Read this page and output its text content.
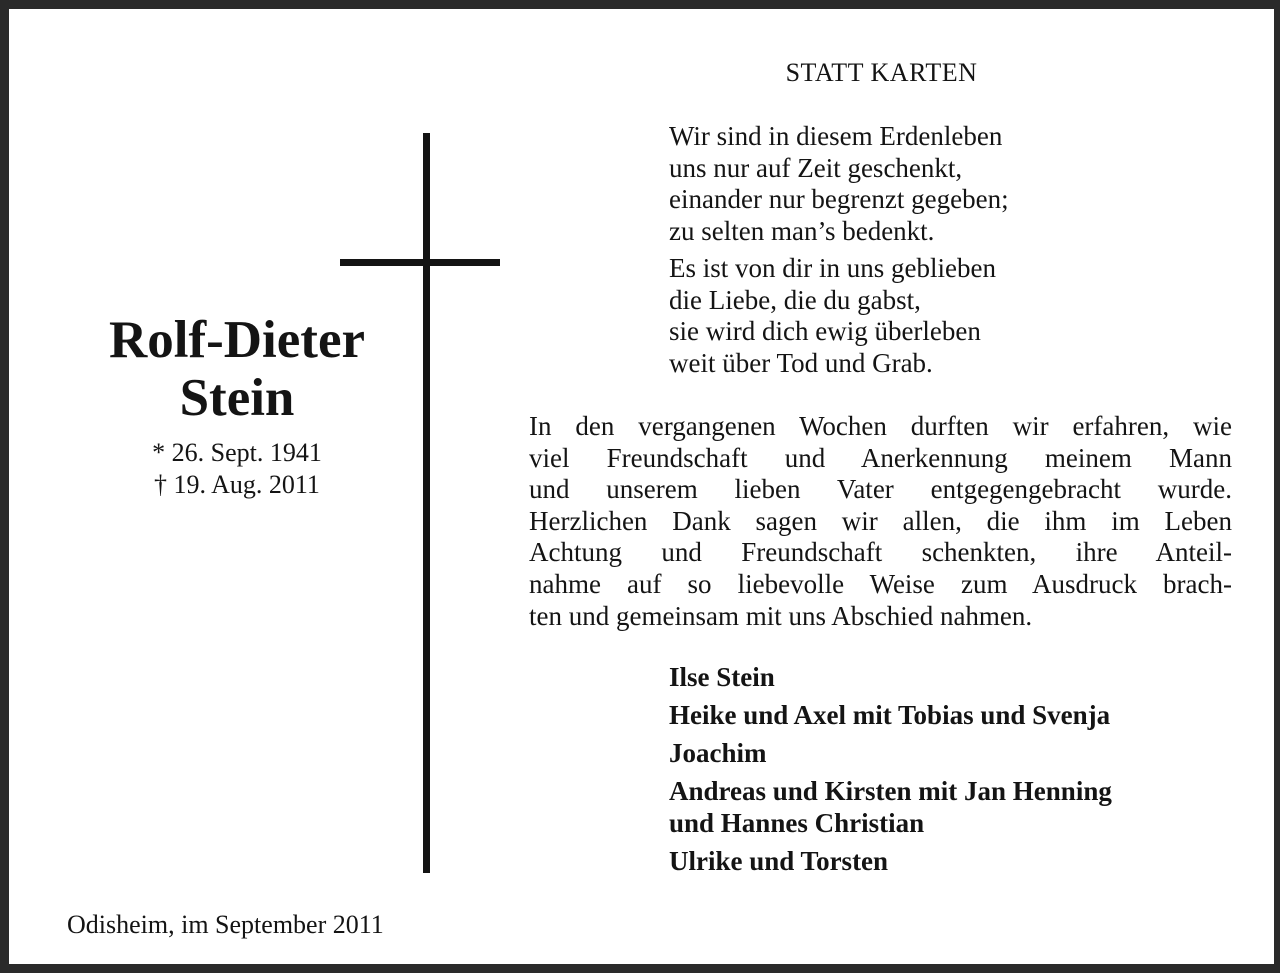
STATT KARTEN
Rolf-Dieter
Stein
* 26. Sept. 1941
† 19. Aug. 2011
Wir sind in diesem Erdenleben
uns nur auf Zeit geschenkt,
einander nur begrenzt gegeben;
zu selten man’s bedenkt.
Es ist von dir in uns geblieben
die Liebe, die du gabst,
sie wird dich ewig überleben
weit über Tod und Grab.
In den vergangenen Wochen durften wir erfahren, wie
viel Freundschaft und Anerkennung meinem Mann
und unserem lieben Vater entgegengebracht wurde.
Herzlichen Dank sagen wir allen, die ihm im Leben
Achtung und Freundschaft schenkten, ihre Anteil-
nahme auf so liebevolle Weise zum Ausdruck brach-
ten und gemeinsam mit uns Abschied nahmen.
Ilse Stein
Heike und Axel mit Tobias und Svenja
Joachim
Andreas und Kirsten mit Jan Henning
und Hannes Christian
Ulrike und Torsten
Odisheim, im September 2011
